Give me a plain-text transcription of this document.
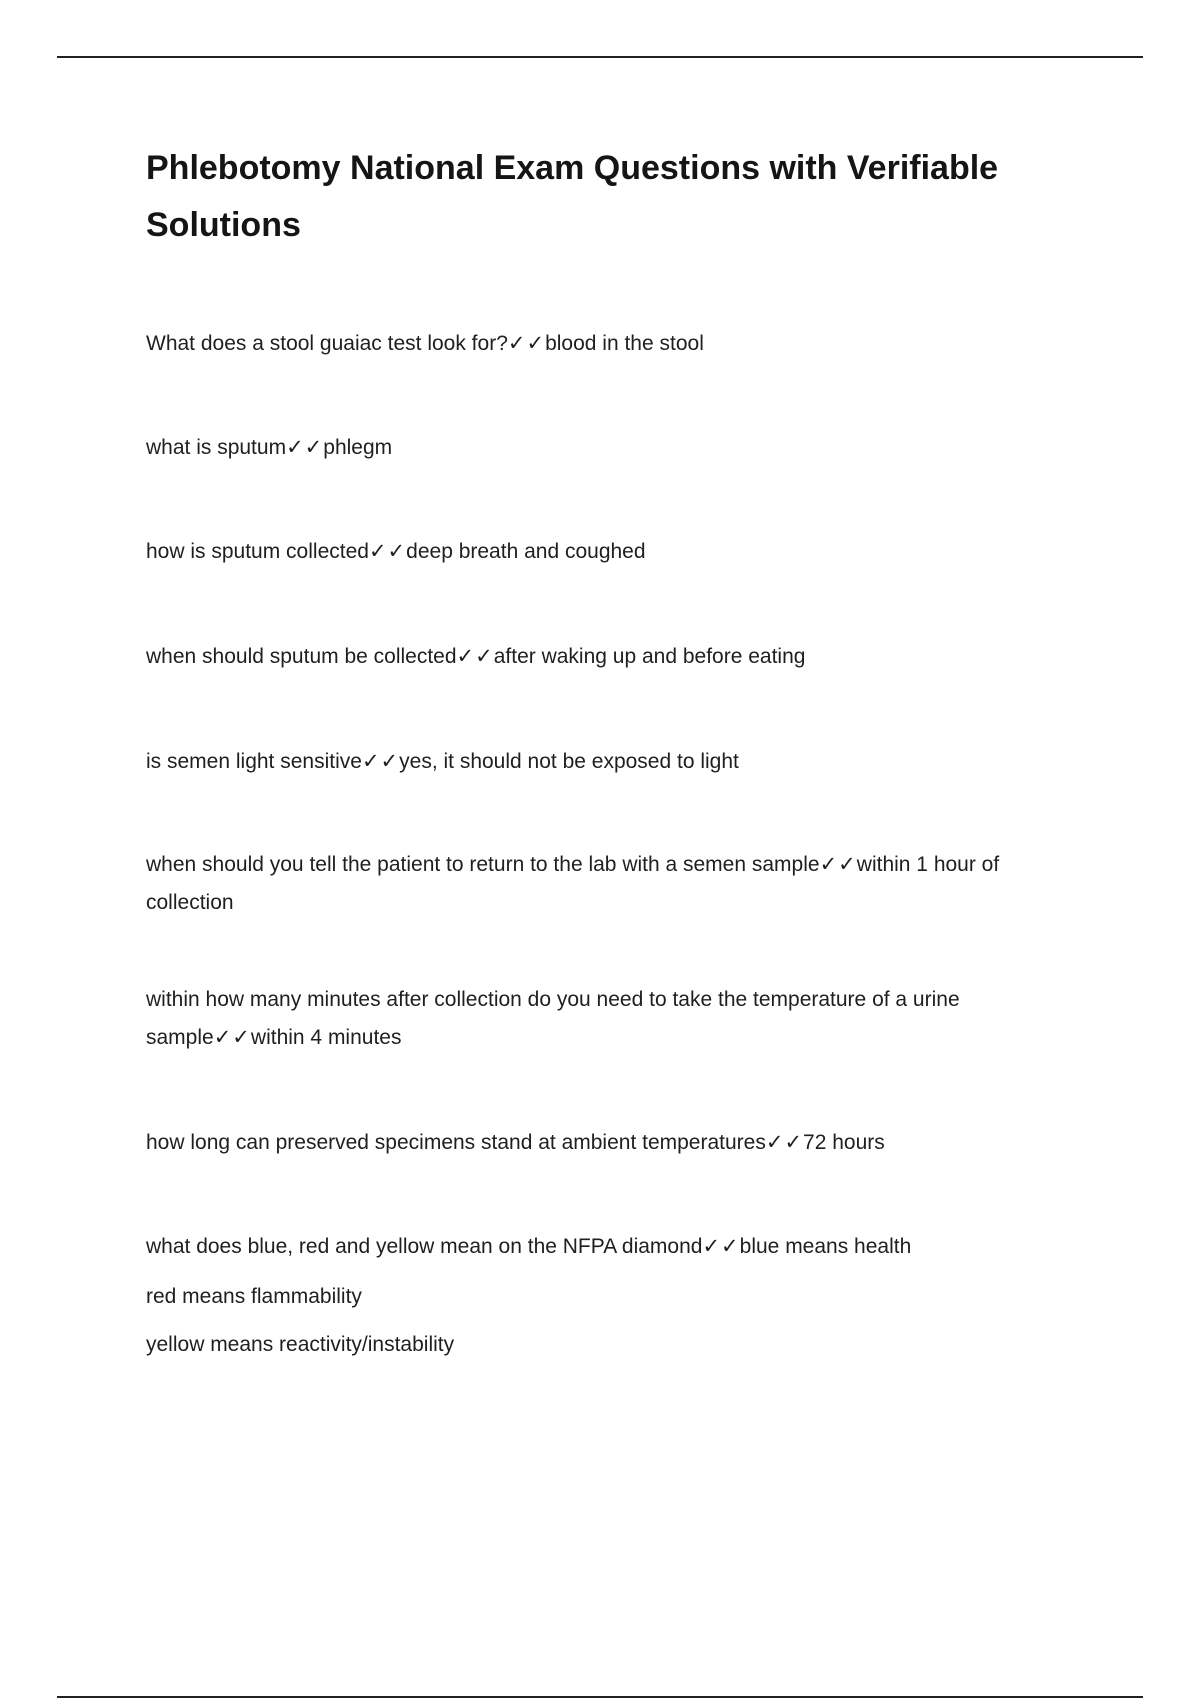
Phlebotomy National Exam Questions with Verifiable Solutions

What does a stool guaiac test look for?✓✓blood in the stool

what is sputum✓✓phlegm

how is sputum collected✓✓deep breath and coughed

when should sputum be collected✓✓after waking up and before eating

is semen light sensitive✓✓yes, it should not be exposed to light

when should you tell the patient to return to the lab with a semen sample✓✓within 1 hour of collection

within how many minutes after collection do you need to take the temperature of a urine sample✓✓within 4 minutes

how long can preserved specimens stand at ambient temperatures✓✓72 hours

what does blue, red and yellow mean on the NFPA diamond✓✓blue means health
red means flammability
yellow means reactivity/instability
